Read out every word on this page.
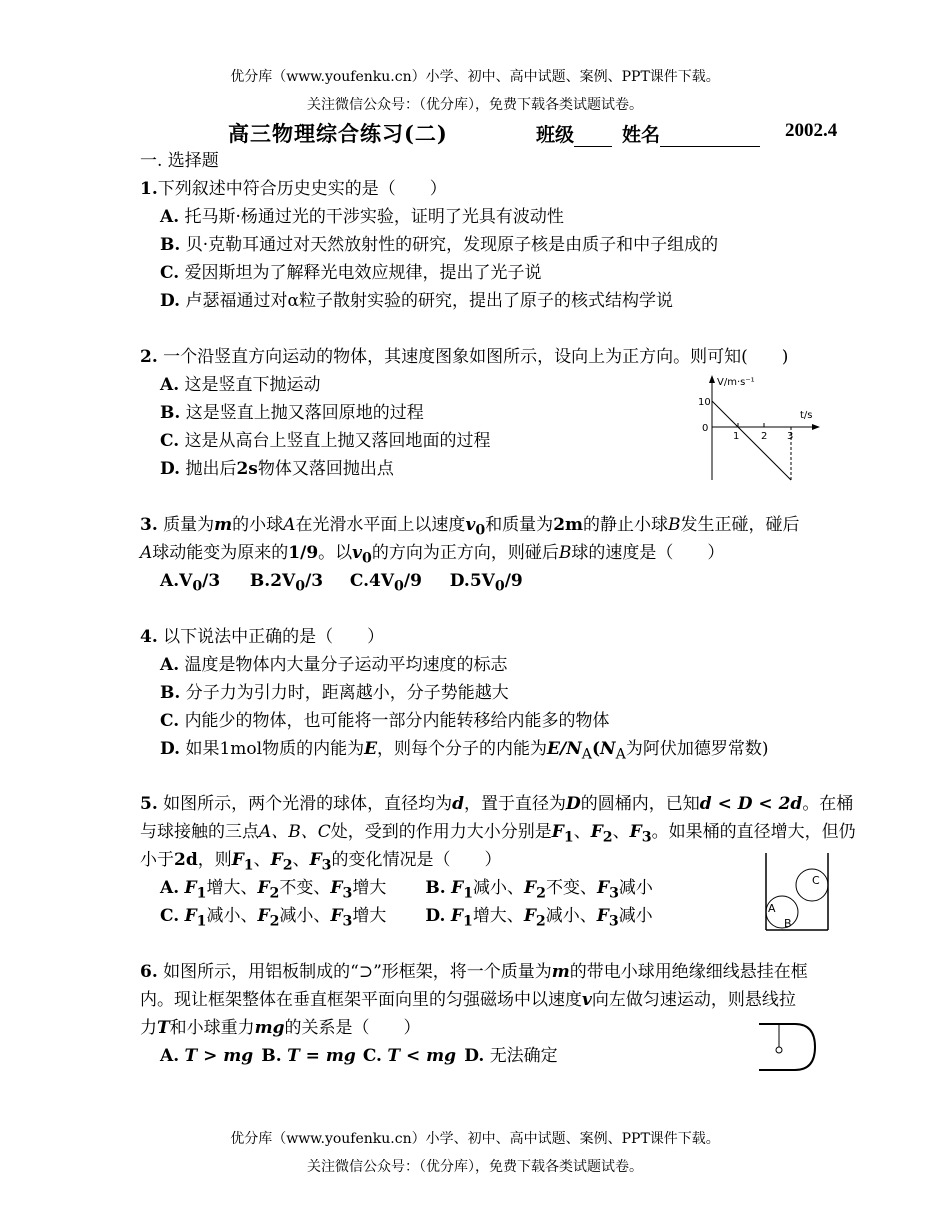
优分库（www.youfenku.cn）小学、初中、高中试题、案例、PPT课件下载。
关注微信公众号：（优分库），免费下载各类试题试卷。
高三物理综合练习(二)	班级	姓名	2002.4
一. 选择题
1.下列叙述中符合历史史实的是（　　）
A. 托马斯·杨通过光的干涉实验，证明了光具有波动性
B. 贝·克勒耳通过对天然放射性的研究，发现原子核是由质子和中子组成的
C. 爱因斯坦为了解释光电效应规律，提出了光子说
D. 卢瑟福通过对α粒子散射实验的研究，提出了原子的核式结构学说
2. 一个沿竖直方向运动的物体，其速度图象如图所示，设向上为正方向。则可知(　　)
A. 这是竖直下抛运动
B. 这是竖直上抛又落回原地的过程
C. 这是从高台上竖直上抛又落回地面的过程
D. 抛出后2s物体又落回抛出点
V/m·s⁻¹
t/s
10
0
1 2 3
3. 质量为m的小球A在光滑水平面上以速度$v_0$和质量为2m的静止小球B发生正碰，碰后
A球动能变为原来的1/9。以$v_0$的方向为正方向，则碰后B球的速度是（　　）
$A.V_0/3$ $B.2V_0/3$ $C.4V_0/9$ $D.5V_0/9$
4. 以下说法中正确的是（　　）
A. 温度是物体内大量分子运动平均速度的标志
B. 分子力为引力时，距离越小，分子势能越大
C. 内能少的物体，也可能将一部分内能转移给内能多的物体
D. 如果1mol物质的内能为E，则每个分子的内能为$E/N_A(N_A$为阿伏加德罗常数)
5. 如图所示，两个光滑的球体，直径均为d，置于直径为D的圆桶内，已知d < D < 2d。在桶
与球接触的三点A、B、C处，受到的作用力大小分别是$F_1$、$F_2$、$F_3$。如果桶的直径增大，但仍
小于2d，则$F_1$、$F_2$、$F_3$的变化情况是（　　）
A. $F_1$增大、$F_2$不变、$F_3$增大 B. $F_1$减小、$F_2$不变、$F_3$减小
C. $F_1$减小、$F_2$减小、$F_3$增大 D. $F_1$增大、$F_2$减小、$F_3$减小	A
B
C
6. 如图所示，用铝板制成的“⊃”形框架，将一个质量为m的带电小球用绝缘细线悬挂在框
内。现让框架整体在垂直框架平面向里的匀强磁场中以速度v向左做匀速运动，则悬线拉
力T和小球重力mg的关系是（　　）
A. T > mg B. T = mg C. T < mg D. 无法确定
优分库（www.youfenku.cn）小学、初中、高中试题、案例、PPT课件下载。
关注微信公众号：（优分库），免费下载各类试题试卷。
